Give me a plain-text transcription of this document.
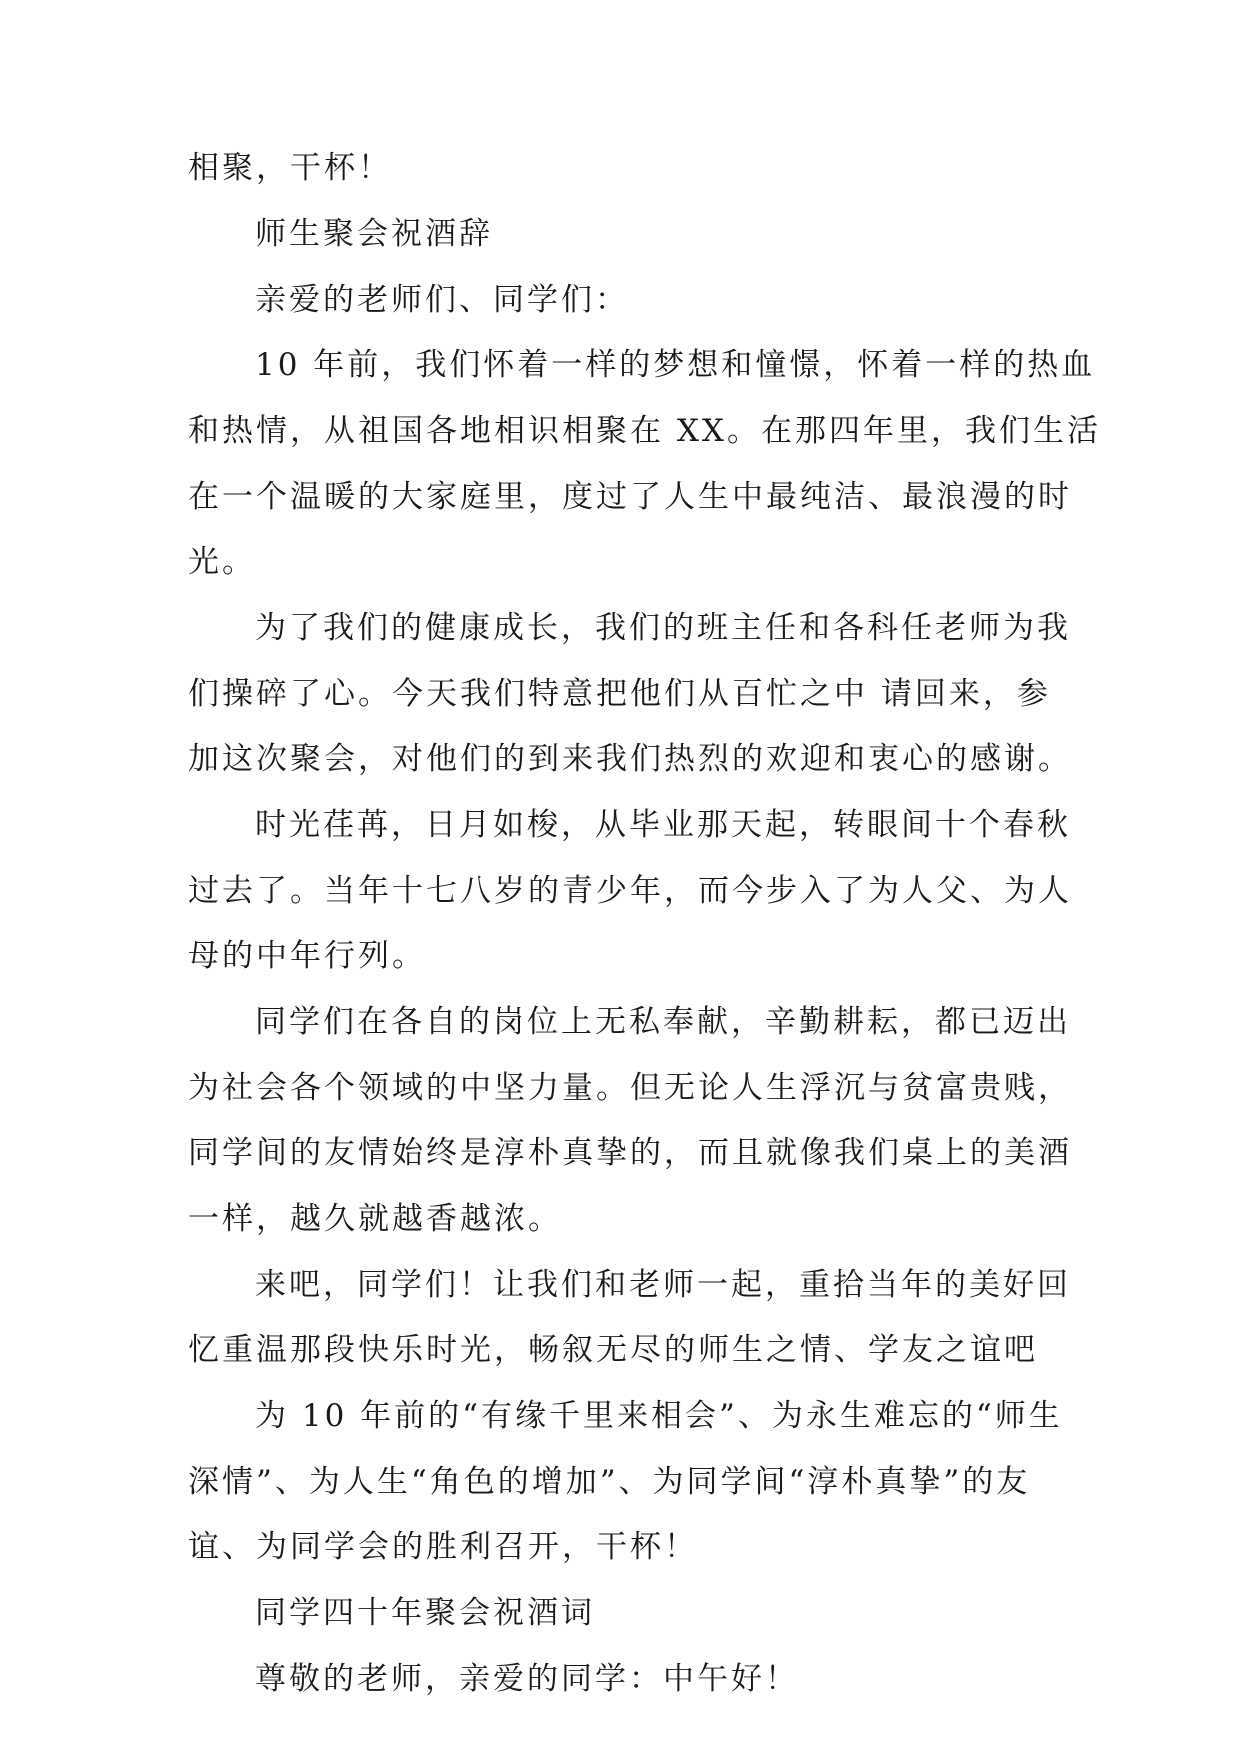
相聚，干杯！
师生聚会祝酒辞
亲爱的老师们、同学们：
10 年前，我们怀着一样的梦想和憧憬，怀着一样的热血
和热情，从祖国各地相识相聚在 XX。在那四年里，我们生活
在一个温暖的大家庭里，度过了人生中最纯洁、最浪漫的时
光。
为了我们的健康成长，我们的班主任和各科任老师为我
们操碎了心。今天我们特意把他们从百忙之中 请回来，参
加这次聚会，对他们的到来我们热烈的欢迎和衷心的感谢。
时光荏苒，日月如梭，从毕业那天起，转眼间十个春秋
过去了。当年十七八岁的青少年，而今步入了为人父、为人
母的中年行列。
同学们在各自的岗位上无私奉献，辛勤耕耘，都已迈出
为社会各个领域的中坚力量。但无论人生浮沉与贫富贵贱，
同学间的友情始终是淳朴真挚的，而且就像我们桌上的美酒
一样，越久就越香越浓。
来吧，同学们！让我们和老师一起，重拾当年的美好回
忆重温那段快乐时光，畅叙无尽的师生之情、学友之谊吧
为 10 年前的“有缘千里来相会”、为永生难忘的“师生
深情”、为人生“角色的增加”、为同学间“淳朴真挚”的友
谊、为同学会的胜利召开，干杯！
同学四十年聚会祝酒词
尊敬的老师，亲爱的同学：中午好！
